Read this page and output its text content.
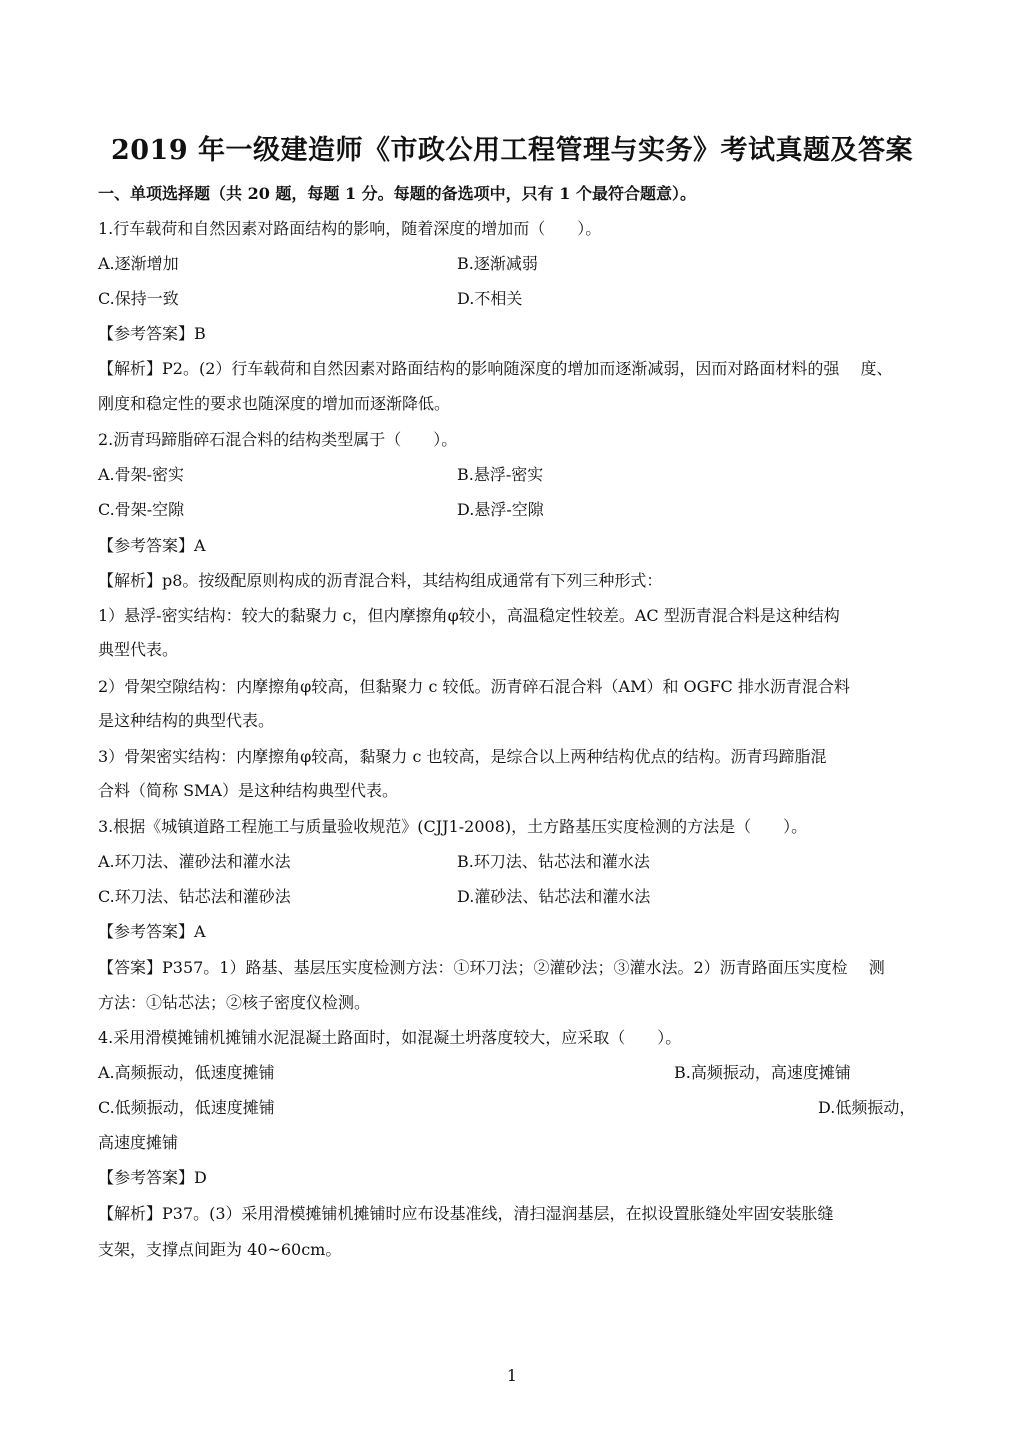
2019 年一级建造师《市政公用工程管理与实务》考试真题及答案
一、单项选择题（共 20 题，每题 1 分。每题的备选项中，只有 1 个最符合题意）。
1.行车载荷和自然因素对路面结构的影响，随着深度的增加而（　　）。
A.逐渐增加	B.逐渐减弱
C.保持一致	D.不相关
【参考答案】B
【解析】P2。(2）行车载荷和自然因素对路面结构的影响随深度的增加而逐渐减弱，因而对路面材料的强　 度、
刚度和稳定性的要求也随深度的增加而逐渐降低。
2.沥青玛蹄脂碎石混合料的结构类型属于（　　）。
A.骨架-密实	B.悬浮-密实
C.骨架-空隙	D.悬浮-空隙
【参考答案】A
【解析】p8。按级配原则构成的沥青混合料，其结构组成通常有下列三种形式：
1）悬浮-密实结构：较大的黏聚力 c，但内摩擦角φ较小，高温稳定性较差。AC 型沥青混合料是这种结构
典型代表。
2）骨架空隙结构：内摩擦角φ较高，但黏聚力 c 较低。沥青碎石混合料（AM）和 OGFC 排水沥青混合料
是这种结构的典型代表。
3）骨架密实结构：内摩擦角φ较高，黏聚力 c 也较高，是综合以上两种结构优点的结构。沥青玛蹄脂混
合料（简称 SMA）是这种结构典型代表。
3.根据《城镇道路工程施工与质量验收规范》(CJJ1-2008)，土方路基压实度检测的方法是（　　）。
A.环刀法、灌砂法和灌水法	B.环刀法、钻芯法和灌水法
C.环刀法、钻芯法和灌砂法	D.灌砂法、钻芯法和灌水法
【参考答案】A
【答案】P357。1）路基、基层压实度检测方法：①环刀法；②灌砂法；③灌水法。2）沥青路面压实度检　 测
方法：①钻芯法；②核子密度仪检测。
4.采用滑模摊铺机摊铺水泥混凝土路面时，如混凝土坍落度较大，应采取（　　）。
A.高频振动，低速度摊铺	B.高频振动，高速度摊铺
C.低频振动，低速度摊铺	D.低频振动，
高速度摊铺
【参考答案】D
【解析】P37。(3）采用滑模摊铺机摊铺时应布设基准线，清扫湿润基层，在拟设置胀缝处牢固安装胀缝
支架，支撑点间距为 40~60cm。
1
